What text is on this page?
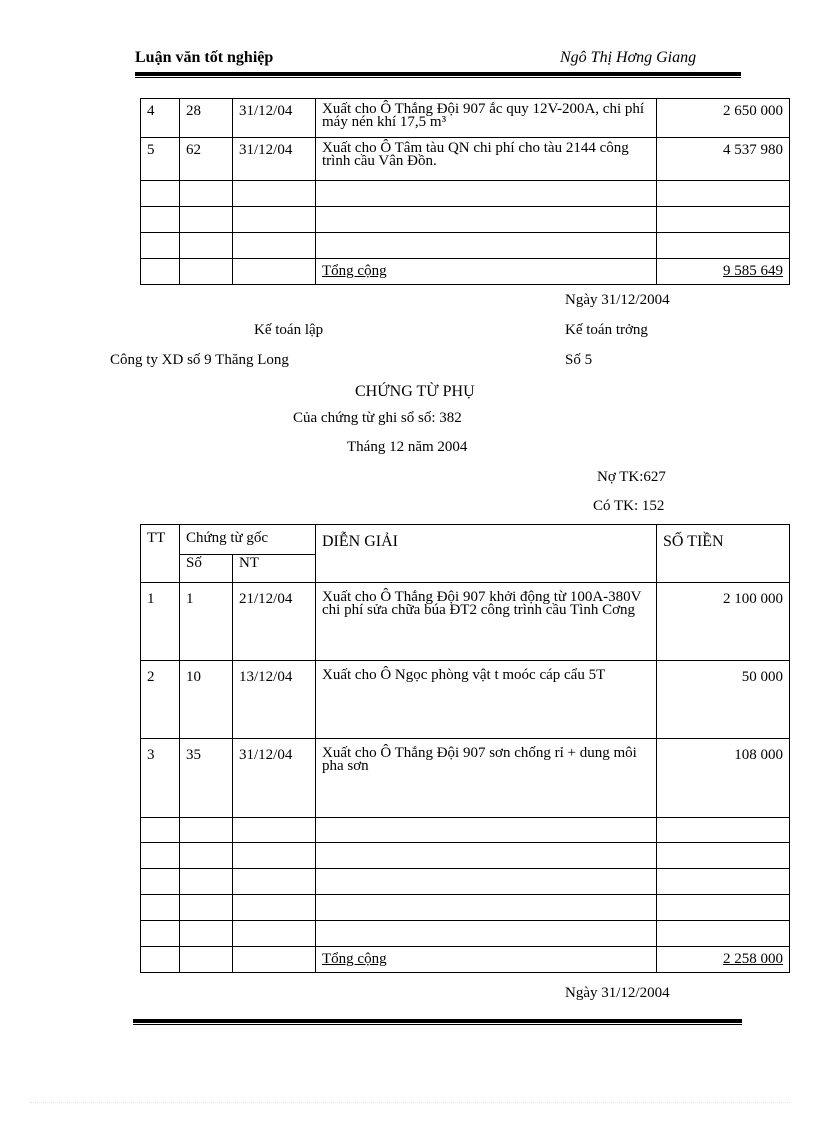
Luận văn tốt nghiệp	Ngô Thị Hơng Giang
4	28	31/12/04	Xuất cho Ô Thắng Đội 907 ắc quy 12V-200A, chi phí máy nén khí 17,5 m³	2 650 000
5	62	31/12/04	Xuất cho Ô Tâm tàu QN chi phí cho tàu 2144 công trình cầu Vân Đồn.	4 537 980

			Tổng cộng	9 585 649
Ngày 31/12/2004
Kế toán lập	Kế toán trởng
Công ty XD số 9 Thăng Long	Số 5
CHỨNG TỪ PHỤ
Của chứng từ ghi sổ số: 382
Tháng 12 năm 2004
Nợ TK:627
Có TK: 152
TT	Chứng từ gốc		DIỄN GIẢI	SỐ TIỀN
	Số	NT		
1	1	21/12/04	Xuất cho Ô Thắng Đội 907 khởi động từ 100A-380V chi phí sửa chữa búa ĐT2 công trình cầu Tình Cơng	2 100 000
2	10	13/12/04	Xuất cho Ô Ngọc phòng vật t moóc cáp cẩu 5T	50 000
3	35	31/12/04	Xuất cho Ô Thắng Đội 907 sơn chống rỉ + dung môi pha sơn	108 000

			Tổng cộng	2 258 000
Ngày 31/12/2004
